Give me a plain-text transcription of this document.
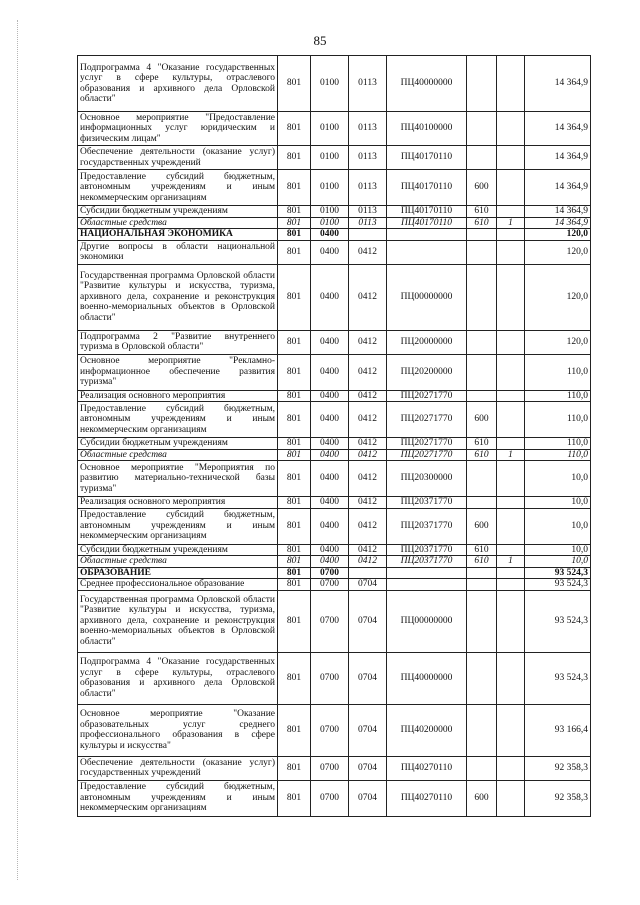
85
Подпрограмма 4 "Оказание государственных услуг в сфере культуры, отраслевого образования и архивного дела Орловской области"	801	0100	0113	ПЦ40000000			14 364,9
Основное мероприятие "Предоставление информационных услуг юридическим и физическим лицам"	801	0100	0113	ПЦ40100000			14 364,9
Обеспечение деятельности (оказание услуг) государственных учреждений	801	0100	0113	ПЦ40170110			14 364,9
Предоставление субсидий бюджетным, автономным учреждениям и иным некоммерческим организациям	801	0100	0113	ПЦ40170110	600		14 364,9
Субсидии бюджетным учреждениям	801	0100	0113	ПЦ40170110	610		14 364,9
Областные средства	801	0100	0113	ПЦ40170110	610	1	14 364,9
НАЦИОНАЛЬНАЯ ЭКОНОМИКА	801	0400					120,0
Другие вопросы в области национальной экономики	801	0400	0412				120,0
Государственная программа Орловской области "Развитие культуры и искусства, туризма, архивного дела, сохранение и реконструкция военно-мемориальных объектов в Орловской области"	801	0400	0412	ПЦ00000000			120,0
Подпрограмма 2 "Развитие внутреннего туризма в Орловской области"	801	0400	0412	ПЦ20000000			120,0
Основное мероприятие "Рекламно-информационное обеспечение развития туризма"	801	0400	0412	ПЦ20200000			110,0
Реализация основного мероприятия	801	0400	0412	ПЦ20271770			110,0
Предоставление субсидий бюджетным, автономным учреждениям и иным некоммерческим организациям	801	0400	0412	ПЦ20271770	600		110,0
Субсидии бюджетным учреждениям	801	0400	0412	ПЦ20271770	610		110,0
Областные средства	801	0400	0412	ПЦ20271770	610	1	110,0
Основное мероприятие "Мероприятия по развитию материально-технической базы туризма"	801	0400	0412	ПЦ20300000			10,0
Реализация основного мероприятия	801	0400	0412	ПЦ20371770			10,0
Предоставление субсидий бюджетным, автономным учреждениям и иным некоммерческим организациям	801	0400	0412	ПЦ20371770	600		10,0
Субсидии бюджетным учреждениям	801	0400	0412	ПЦ20371770	610		10,0
Областные средства	801	0400	0412	ПЦ20371770	610	1	10,0
ОБРАЗОВАНИЕ	801	0700					93 524,3
Среднее профессиональное образование	801	0700	0704				93 524,3
Государственная программа Орловской области "Развитие культуры и искусства, туризма, архивного дела, сохранение и реконструкция военно-мемориальных объектов в Орловской области"	801	0700	0704	ПЦ00000000			93 524,3
Подпрограмма 4 "Оказание государственных услуг в сфере культуры, отраслевого образования и архивного дела Орловской области"	801	0700	0704	ПЦ40000000			93 524,3
Основное мероприятие "Оказание образовательных услуг среднего профессионального образования в сфере культуры и искусства"	801	0700	0704	ПЦ40200000			93 166,4
Обеспечение деятельности (оказание услуг) государственных учреждений	801	0700	0704	ПЦ40270110			92 358,3
Предоставление субсидий бюджетным, автономным учреждениям и иным некоммерческим организациям	801	0700	0704	ПЦ40270110	600		92 358,3
